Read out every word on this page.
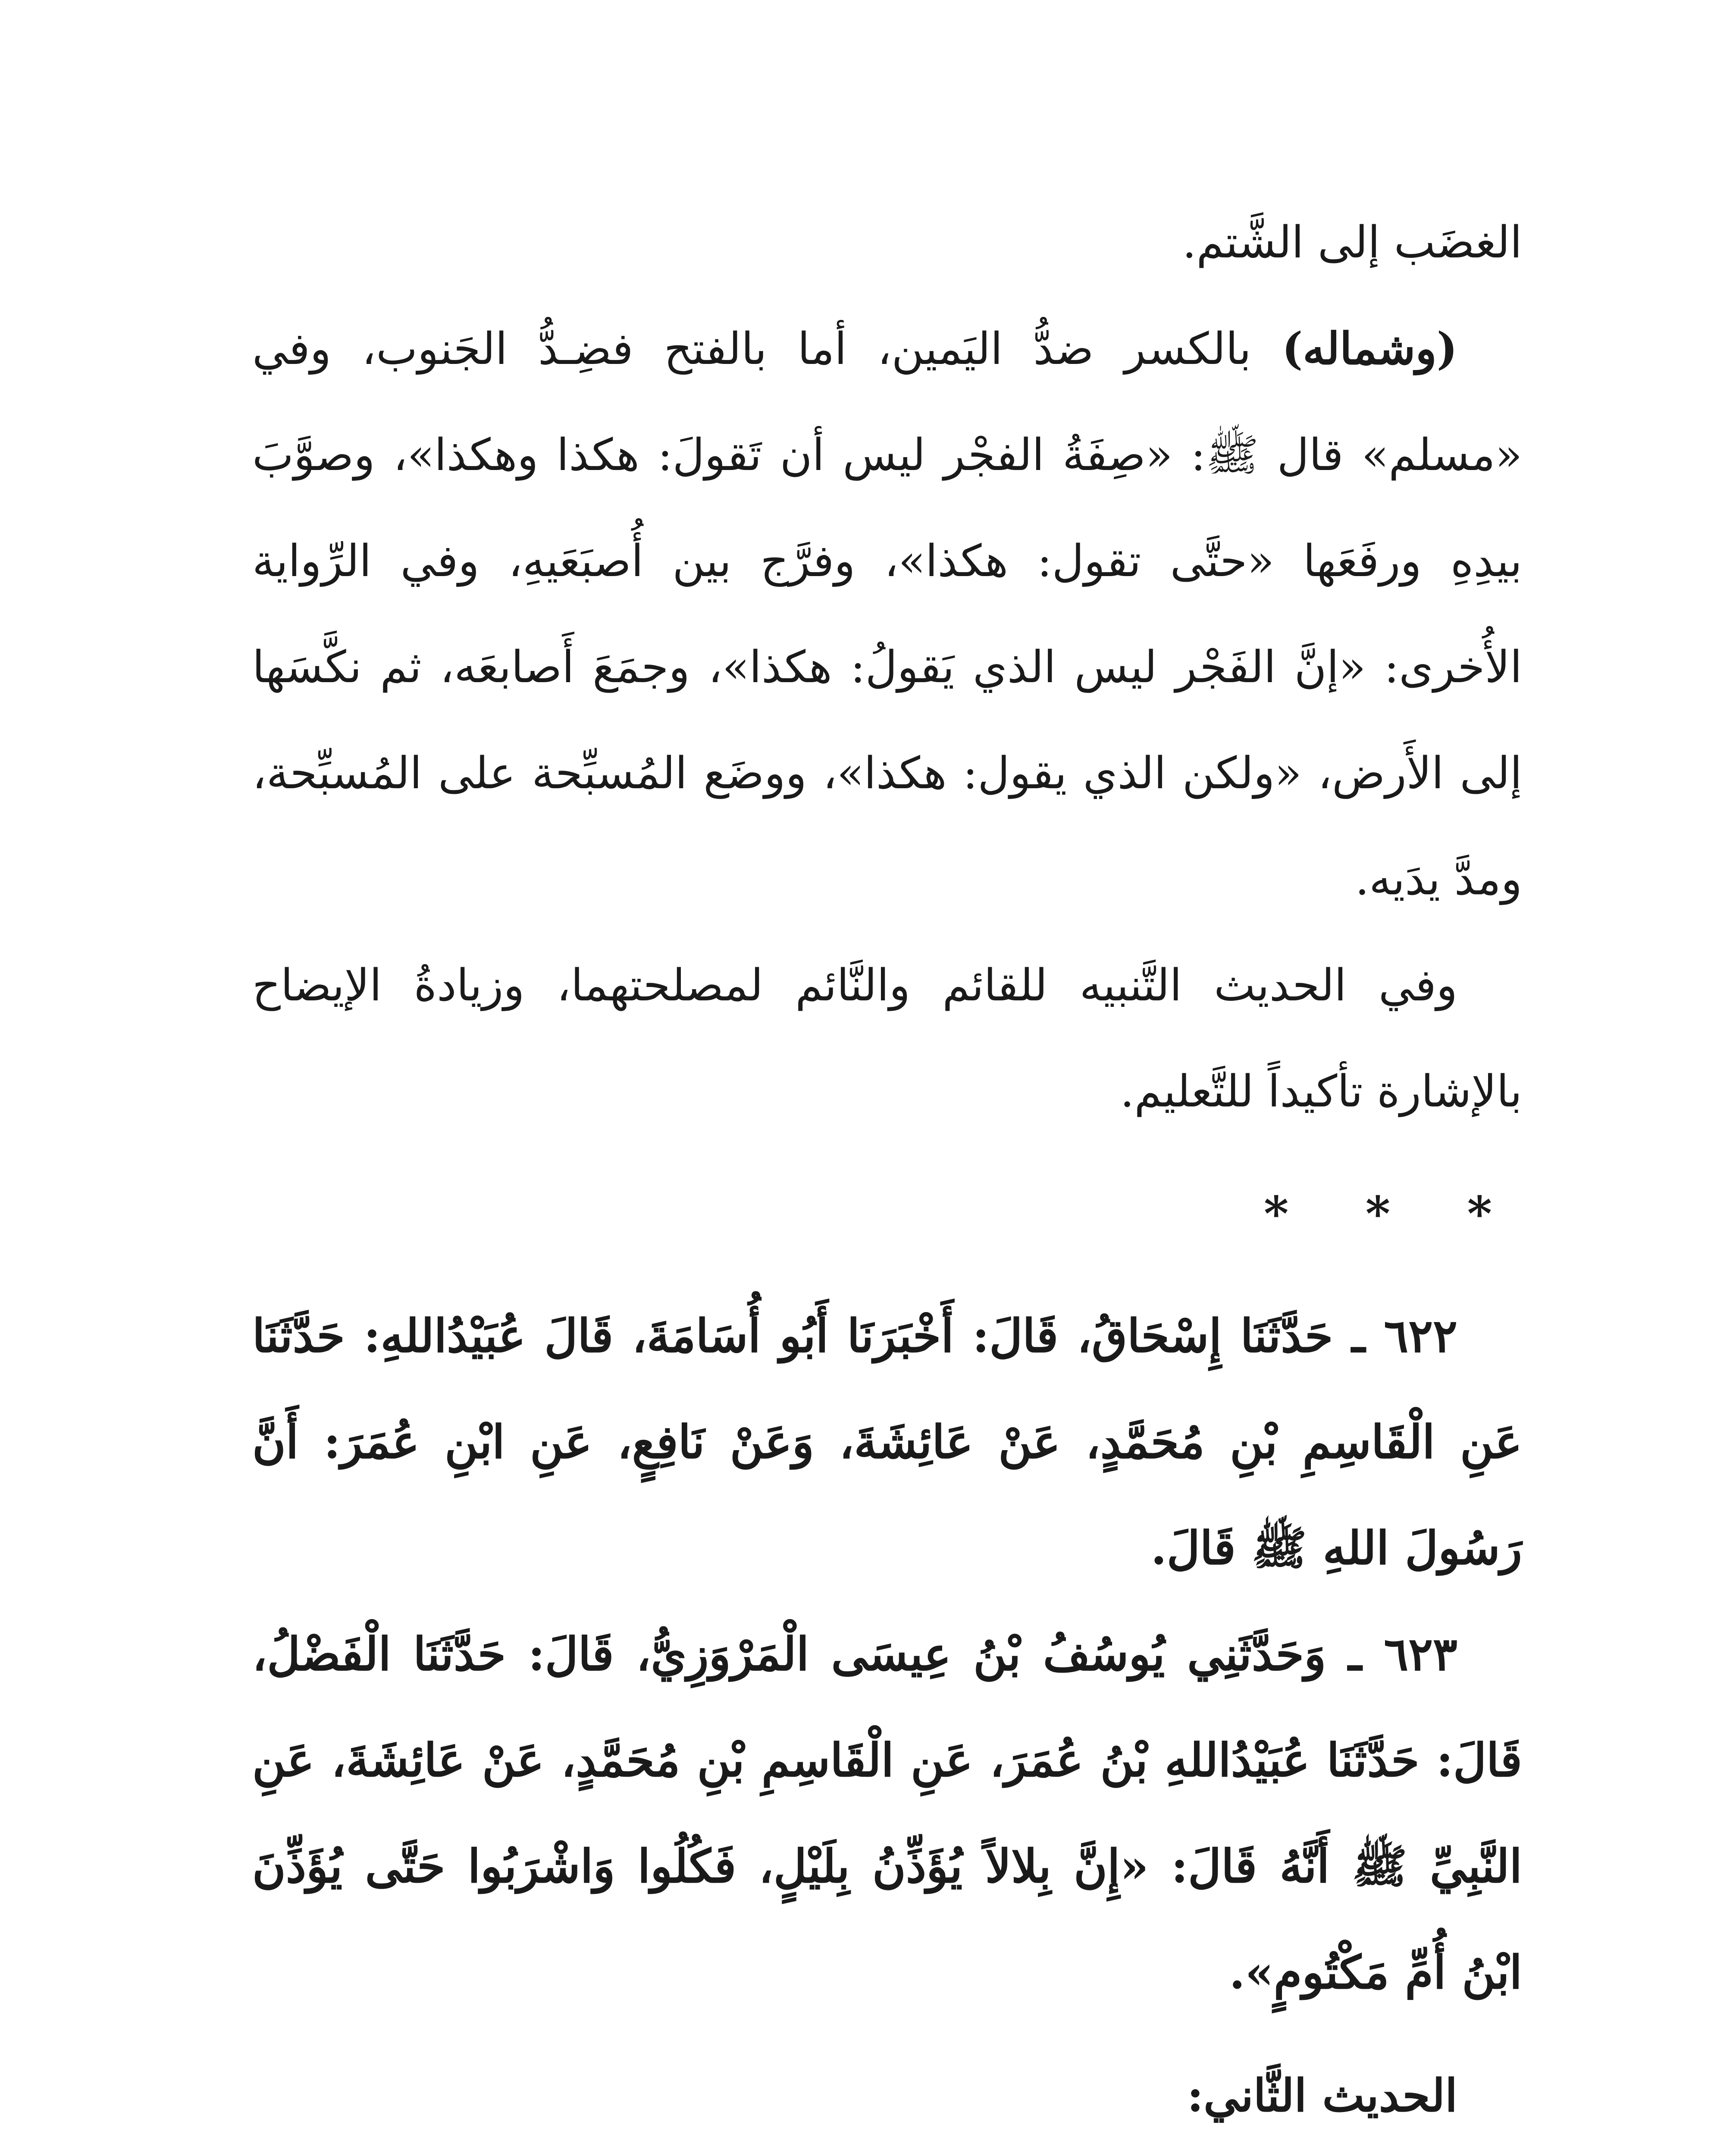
الغضَب إلى الشَّتم.

(وشماله) بالكسر ضدُّ اليَمين، أما بالفتح فضِـدُّ الجَنوب، وفي «مسلم» قال ﷺ: «صِفَةُ الفجْر ليس أن تَقولَ: هكذا وهكذا»، وصوَّبَ بيدِهِ ورفَعَها «حتَّى تقول: هكذا»، وفرَّج بين أُصبَعَيهِ، وفي الرِّواية الأُخرى: «إنَّ الفَجْر ليس الذي يَقولُ: هكذا»، وجمَعَ أَصابعَه، ثم نكَّسَها إلى الأَرض، «ولكن الذي يقول: هكذا»، ووضَع المُسبِّحة على المُسبِّحة، ومدَّ يدَيه.

وفي الحديث التَّنبيه للقائم والنَّائم لمصلحتهما، وزيادةُ الإيضاح بالإشارة تأكيداً للتَّعليم.

* * *

٦٢٢ ـ حَدَّثَنَا إِسْحَاقُ، قَالَ: أَخْبَرَنَا أَبُو أُسَامَةَ، قَالَ عُبَيْدُاللهِ: حَدَّثَنَا عَنِ الْقَاسِمِ بْنِ مُحَمَّدٍ، عَنْ عَائِشَةَ، وَعَنْ نَافِعٍ، عَنِ ابْنِ عُمَرَ: أَنَّ رَسُولَ اللهِ ﷺ قَالَ.

٦٢٣ ـ وَحَدَّثَنِي يُوسُفُ بْنُ عِيسَى الْمَرْوَزِيُّ، قَالَ: حَدَّثَنَا الْفَضْلُ، قَالَ: حَدَّثَنَا عُبَيْدُاللهِ بْنُ عُمَرَ، عَنِ الْقَاسِمِ بْنِ مُحَمَّدٍ، عَنْ عَائِشَةَ، عَنِ النَّبِيِّ ﷺ أَنَّهُ قَالَ: «إِنَّ بِلالاً يُؤَذِّنُ بِلَيْلٍ، فَكُلُوا وَاشْرَبُوا حَتَّى يُؤَذِّنَ ابْنُ أُمِّ مَكْتُومٍ».

الحديث الثَّاني:
